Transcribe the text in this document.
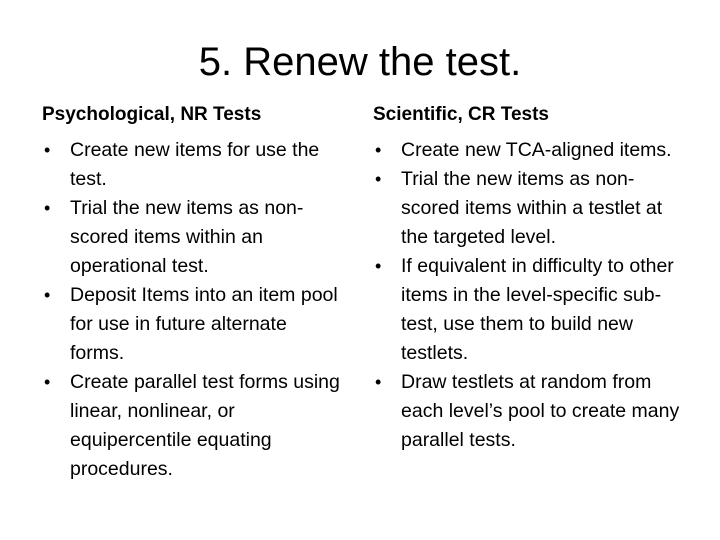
5. Renew the test.
Psychological, NR Tests
• Create new items for use the test.
• Trial the new items as non-scored items within an operational test.
• Deposit Items into an item pool for use in future alternate forms.
• Create parallel test forms using linear, nonlinear, or equipercentile equating procedures.
Scientific, CR Tests
• Create new TCA-aligned items.
• Trial the new items as non-scored items within a testlet at the targeted level.
• If equivalent in difficulty to other items in the level-specific sub-test, use them to build new testlets.
• Draw testlets at random from each level’s pool to create many parallel tests.
